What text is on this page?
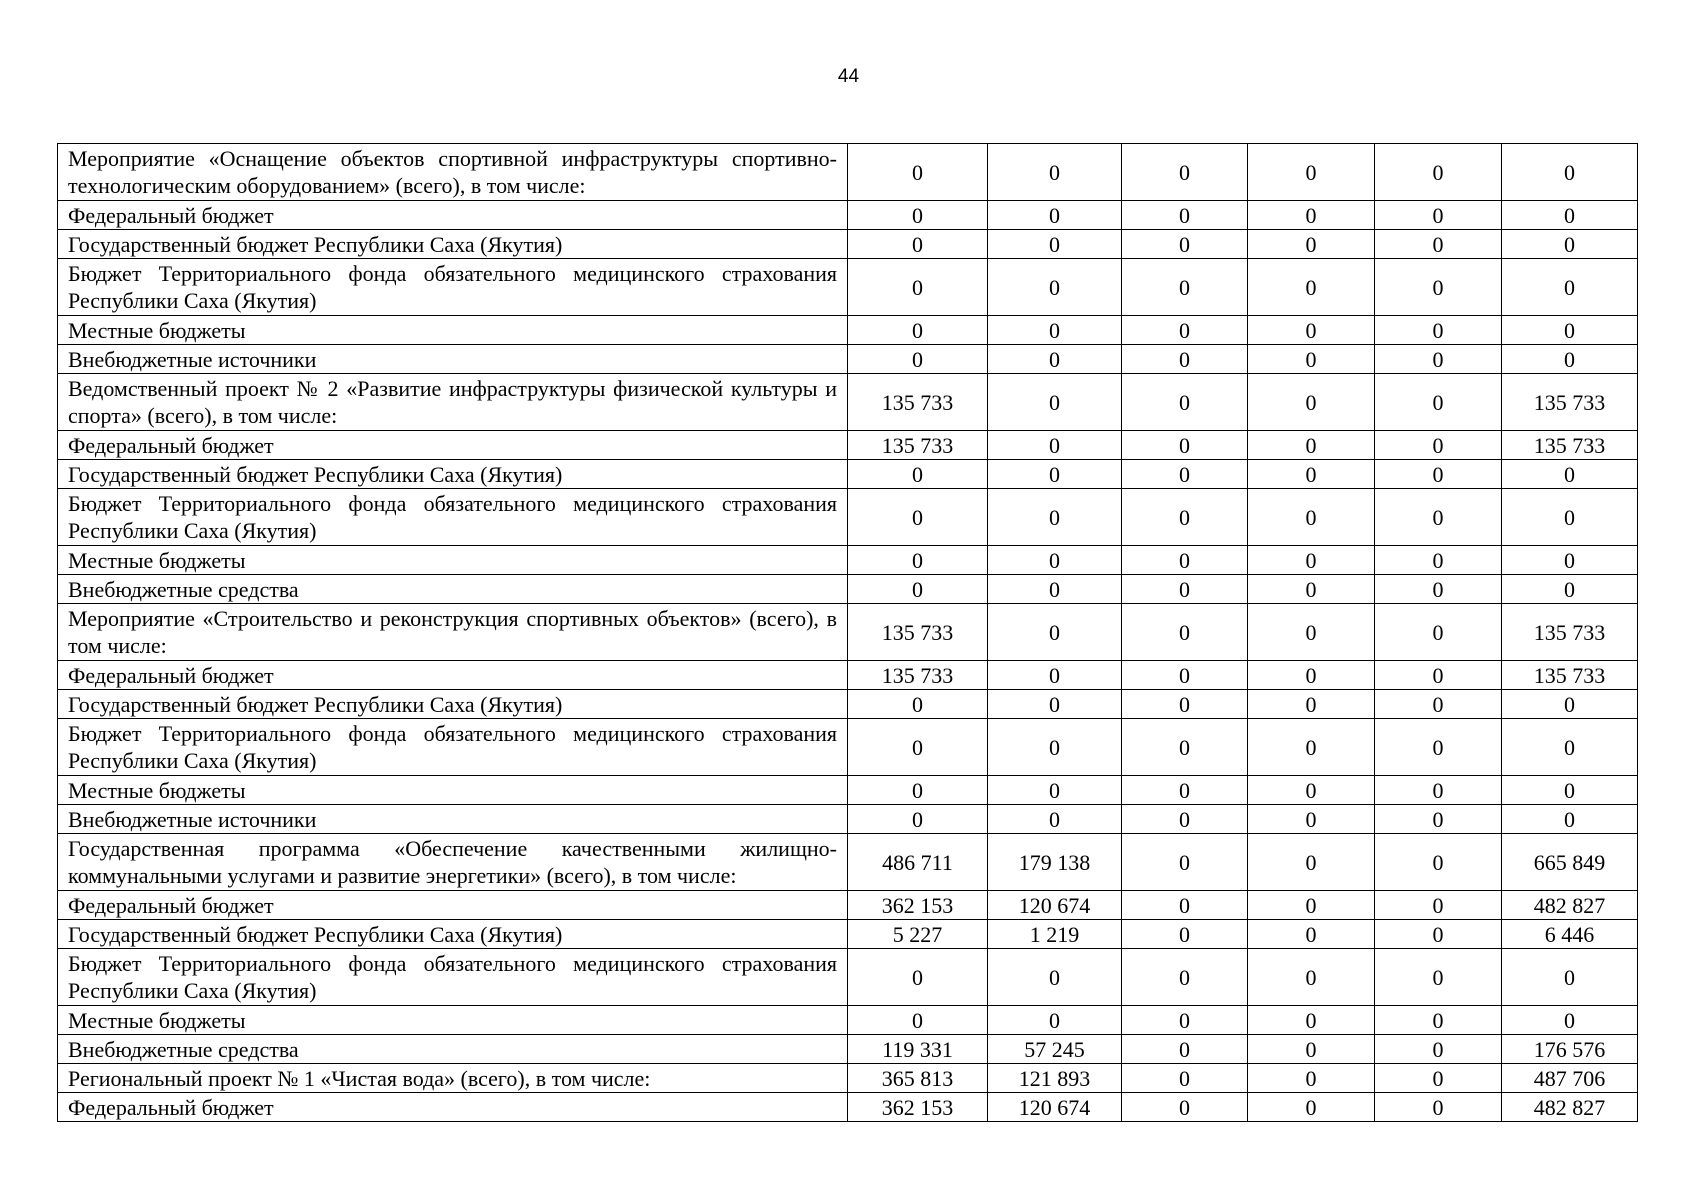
44
Мероприятие «Оснащение объектов спортивной инфраструктуры спортивно-технологическим оборудованием» (всего), в том числе:	0	0	0	0	0	0
Федеральный бюджет	0	0	0	0	0	0
Государственный бюджет Республики Саха (Якутия)	0	0	0	0	0	0
Бюджет Территориального фонда обязательного медицинского страхования Республики Саха (Якутия)	0	0	0	0	0	0
Местные бюджеты	0	0	0	0	0	0
Внебюджетные источники	0	0	0	0	0	0
Ведомственный проект № 2 «Развитие инфраструктуры физической культуры и спорта» (всего), в том числе:	135 733	0	0	0	0	135 733
Федеральный бюджет	135 733	0	0	0	0	135 733
Государственный бюджет Республики Саха (Якутия)	0	0	0	0	0	0
Бюджет Территориального фонда обязательного медицинского страхования Республики Саха (Якутия)	0	0	0	0	0	0
Местные бюджеты	0	0	0	0	0	0
Внебюджетные средства	0	0	0	0	0	0
Мероприятие «Строительство и реконструкция спортивных объектов» (всего), в том числе:	135 733	0	0	0	0	135 733
Федеральный бюджет	135 733	0	0	0	0	135 733
Государственный бюджет Республики Саха (Якутия)	0	0	0	0	0	0
Бюджет Территориального фонда обязательного медицинского страхования Республики Саха (Якутия)	0	0	0	0	0	0
Местные бюджеты	0	0	0	0	0	0
Внебюджетные источники	0	0	0	0	0	0
Государственная программа «Обеспечение качественными жилищно-коммунальными услугами и развитие энергетики» (всего), в том числе:	486 711	179 138	0	0	0	665 849
Федеральный бюджет	362 153	120 674	0	0	0	482 827
Государственный бюджет Республики Саха (Якутия)	5 227	1 219	0	0	0	6 446
Бюджет Территориального фонда обязательного медицинского страхования Республики Саха (Якутия)	0	0	0	0	0	0
Местные бюджеты	0	0	0	0	0	0
Внебюджетные средства	119 331	57 245	0	0	0	176 576
Региональный проект № 1 «Чистая вода» (всего), в том числе:	365 813	121 893	0	0	0	487 706
Федеральный бюджет	362 153	120 674	0	0	0	482 827
